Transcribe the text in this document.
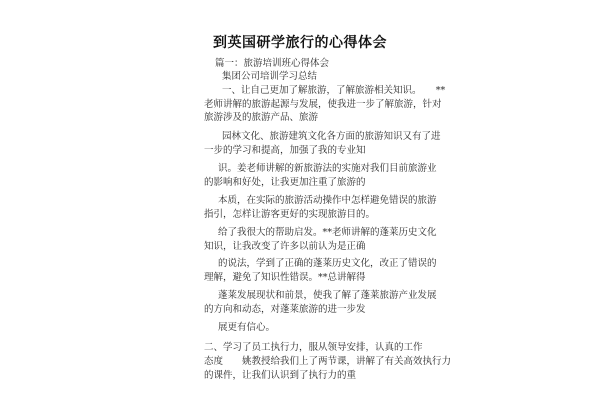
到英国研学旅行的心得体会
篇一：旅游培训班心得体会
集团公司培训学习总结
一、让自己更加了解旅游，了解旅游相关知识。　　**
老师讲解的旅游起源与发展，使我进一步了解旅游，针对
旅游涉及的旅游产品、旅游
园林文化、旅游建筑文化各方面的旅游知识又有了进
一步的学习和提高，加强了我的专业知
识。姜老师讲解的新旅游法的实施对我们目前旅游业
的影响和好处，让我更加注重了旅游的
本质，在实际的旅游活动操作中怎样避免错误的旅游
指引，怎样让游客更好的实现旅游目的。
给了我很大的帮助启发。**老师讲解的蓬莱历史文化
知识，让我改变了许多以前认为是正确
的说法，学到了正确的蓬莱历史文化，改正了错误的
理解，避免了知识性错误。**总讲解得
蓬莱发展现状和前景，使我了解了蓬莱旅游产业发展
的方向和动态，对蓬莱旅游的进一步发
展更有信心。
二、学习了员工执行力，服从领导安排，认真的工作
态度　　姚教授给我们上了两节课，讲解了有关高效执行力
的课件，让我们认识到了执行力的重
